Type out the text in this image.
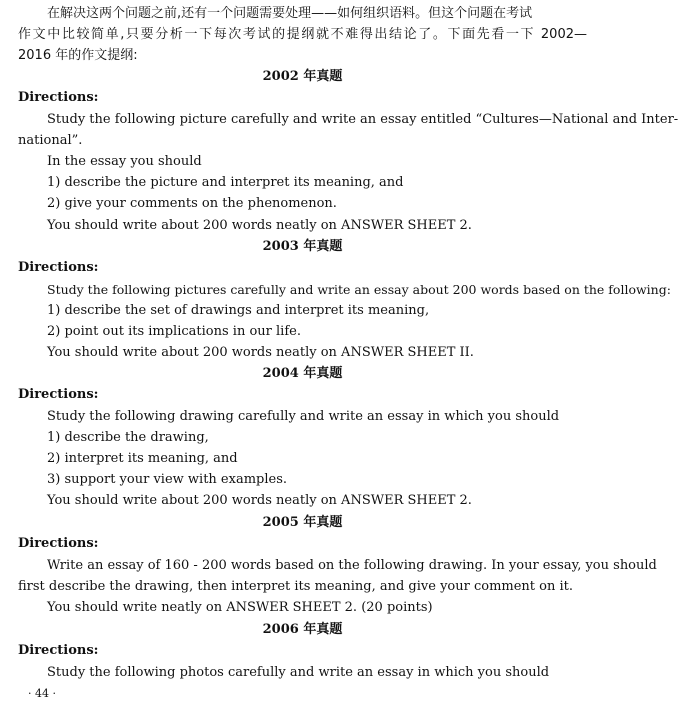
在解决这两个问题之前,还有一个问题需要处理——如何组织语料。但这个问题在考试
作文中比较简单,只要分析一下每次考试的提纲就不难得出结论了。下面先看一下 2002—
2016 年的作文提纲:
2002 年真题
Directions:
Study the following picture carefully and write an essay entitled “Cultures—National and Inter-
national”.
In the essay you should
1) describe the picture and interpret its meaning, and
2) give your comments on the phenomenon.
You should write about 200 words neatly on ANSWER SHEET 2.
2003 年真题
Directions:
Study the following pictures carefully and write an essay about 200 words based on the following:
1) describe the set of drawings and interpret its meaning,
2) point out its implications in our life.
You should write about 200 words neatly on ANSWER SHEET II.
2004 年真题
Directions:
Study the following drawing carefully and write an essay in which you should
1) describe the drawing,
2) interpret its meaning, and
3) support your view with examples.
You should write about 200 words neatly on ANSWER SHEET 2.
2005 年真题
Directions:
Write an essay of 160 - 200 words based on the following drawing. In your essay, you should
first describe the drawing, then interpret its meaning, and give your comment on it.
You should write neatly on ANSWER SHEET 2. (20 points)
2006 年真题
Directions:
Study the following photos carefully and write an essay in which you should
· 44 ·
